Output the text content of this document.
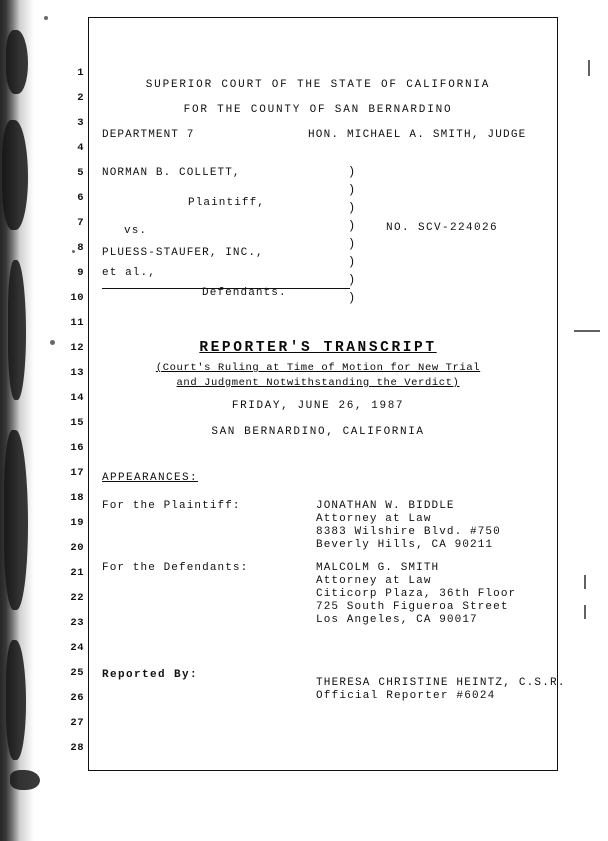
1
2
3
4
5
6
7
8
9
10
11
12
13
14
15
16
17
18
19
20
21
22
23
24
25
26
27
28
SUPERIOR COURT OF THE STATE OF CALIFORNIA
FOR THE COUNTY OF SAN BERNARDINO
DEPARTMENT 7	HON. MICHAEL A. SMITH, JUDGE
NORMAN B. COLLETT,
Plaintiff,
vs.
PLUESS-STAUFER, INC.,
et al.,
Defendants.
)
)
)
)
)
)
)
)
NO. SCV-224026
REPORTER'S TRANSCRIPT
(Court's Ruling at Time of Motion for New Trial
and Judgment Notwithstanding the Verdict)
FRIDAY, JUNE 26, 1987
SAN BERNARDINO, CALIFORNIA
APPEARANCES:
For the Plaintiff:	JONATHAN W. BIDDLE
Attorney at Law
8383 Wilshire Blvd. #750
Beverly Hills, CA 90211
For the Defendants:	MALCOLM G. SMITH
Attorney at Law
Citicorp Plaza, 36th Floor
725 South Figueroa Street
Los Angeles, CA 90017
Reported By:
THERESA CHRISTINE HEINTZ, C.S.R.
Official Reporter #6024
